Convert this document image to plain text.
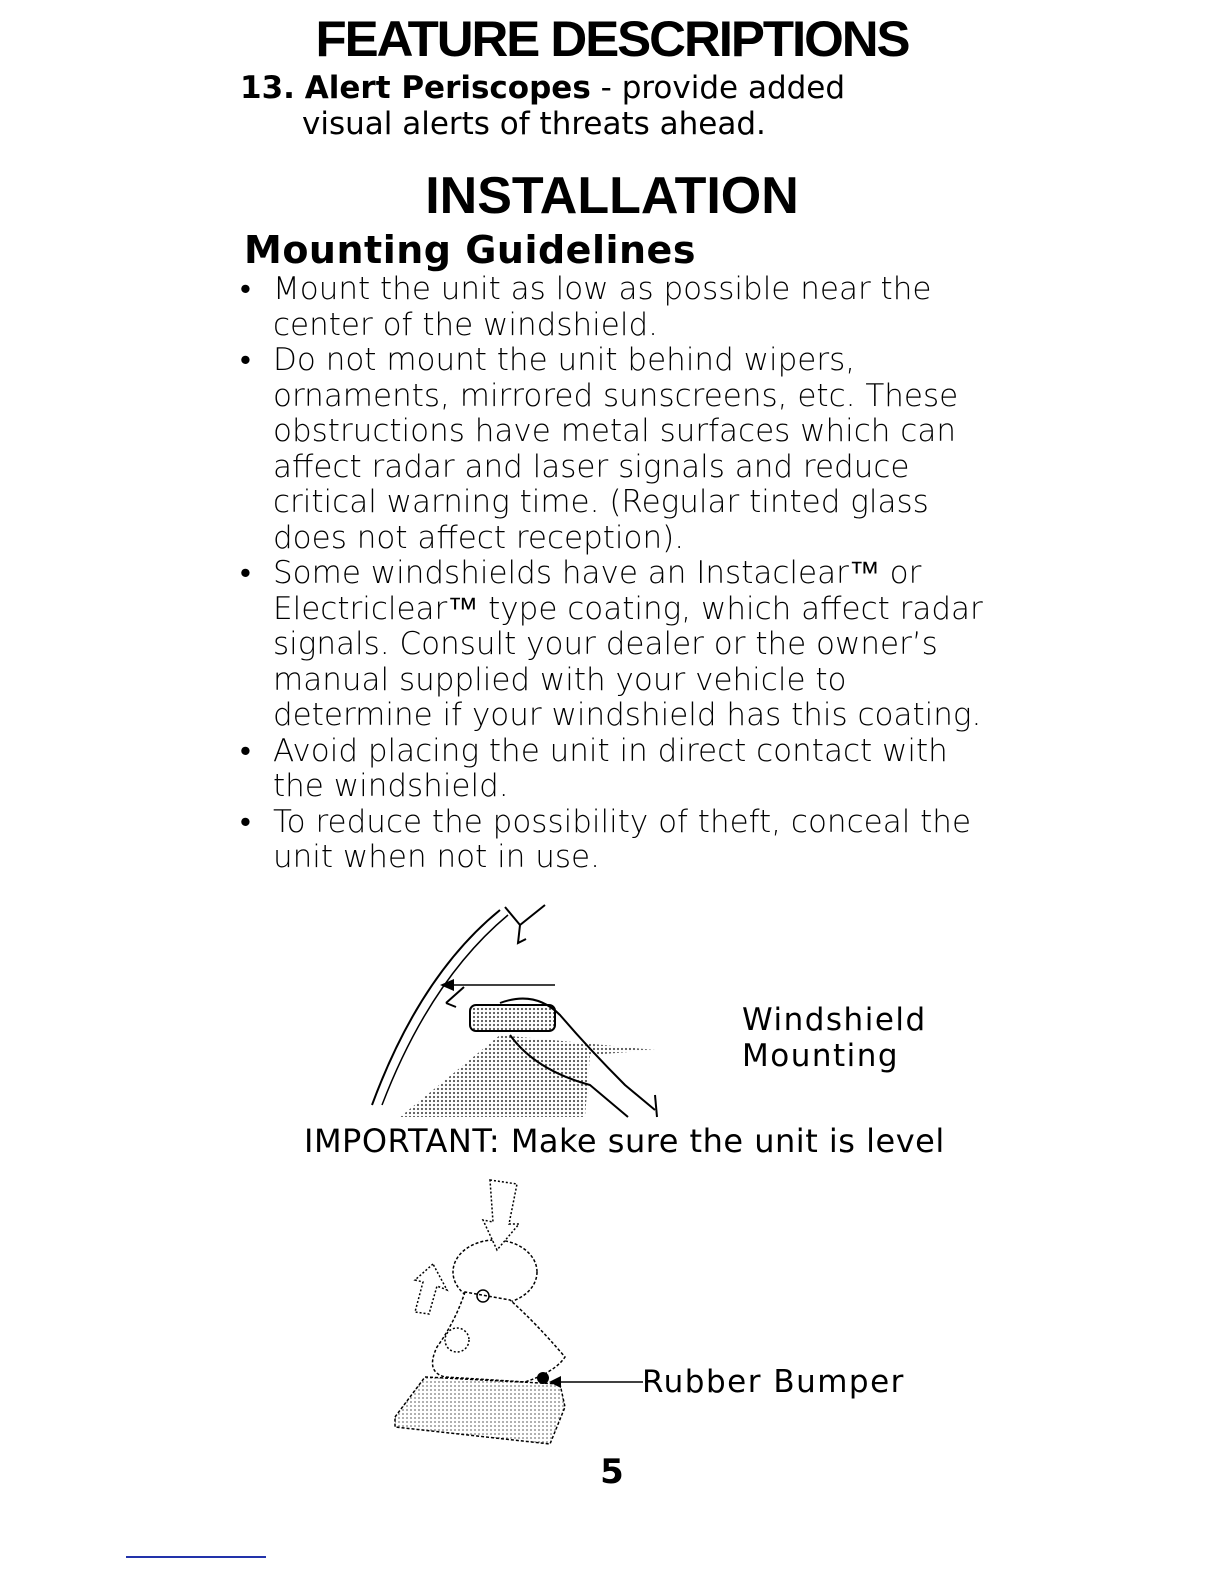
FEATURE DESCRIPTIONS
13. Alert Periscopes - provide added
visual alerts of threats ahead.
INSTALLATION
Mounting Guidelines
• Mount the unit as low as possible near the center of the windshield.
• Do not mount the unit behind wipers, ornaments, mirrored sunscreens, etc. These obstructions have metal surfaces which can affect radar and laser signals and reduce critical warning time. (Regular tinted glass does not affect reception).
• Some windshields have an Instaclear™ or Electriclear™ type coating, which affect radar signals. Consult your dealer or the owner’s manual supplied with your vehicle to determine if your windshield has this coating.
• Avoid placing the unit in direct contact with the windshield.
• To reduce the possibility of theft, conceal the unit when not in use.
Windshield
Mounting
IMPORTANT: Make sure the unit is level
Rubber Bumper
5
